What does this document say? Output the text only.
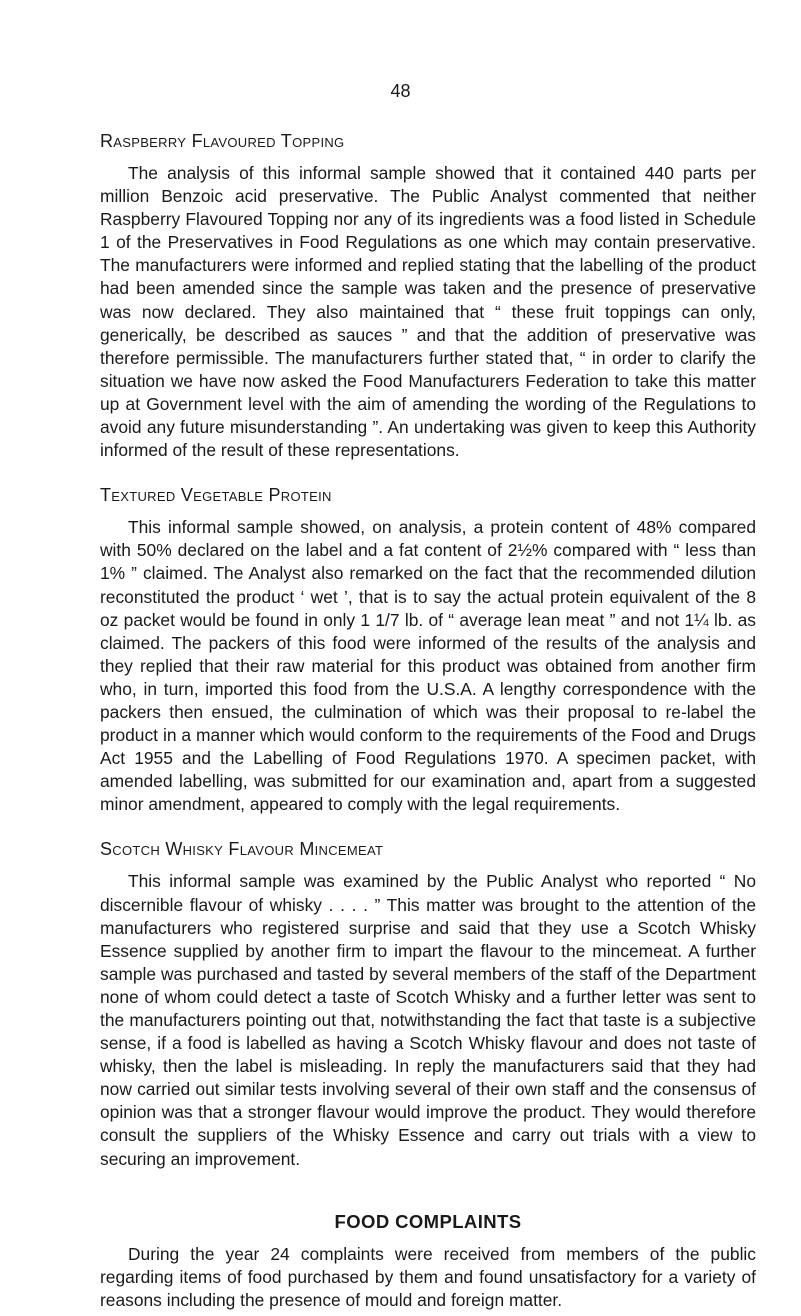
48
Raspberry Flavoured Topping

The analysis of this informal sample showed that it contained 440 parts per million Benzoic acid preservative. The Public Analyst commented that neither Raspberry Flavoured Topping nor any of its ingredients was a food listed in Schedule 1 of the Preservatives in Food Regulations as one which may contain preservative. The manufacturers were informed and replied stating that the labelling of the product had been amended since the sample was taken and the presence of preservative was now declared. They also maintained that “ these fruit toppings can only, generically, be described as sauces ” and that the addition of preservative was therefore permissible. The manufacturers further stated that, “ in order to clarify the situation we have now asked the Food Manufacturers Federation to take this matter up at Government level with the aim of amending the wording of the Regulations to avoid any future misunderstanding ”. An undertaking was given to keep this Authority informed of the result of these representations.

Textured Vegetable Protein

This informal sample showed, on analysis, a protein content of 48% compared with 50% declared on the label and a fat content of 2½% compared with “ less than 1% ” claimed. The Analyst also remarked on the fact that the recommended dilution reconstituted the product ‘ wet ’, that is to say the actual protein equivalent of the 8 oz packet would be found in only 1 1/7 lb. of “ average lean meat ” and not 1¼ lb. as claimed. The packers of this food were informed of the results of the analysis and they replied that their raw material for this product was obtained from another firm who, in turn, imported this food from the U.S.A. A lengthy correspondence with the packers then ensued, the culmination of which was their proposal to re-label the product in a manner which would conform to the requirements of the Food and Drugs Act 1955 and the Labelling of Food Regulations 1970. A specimen packet, with amended labelling, was submitted for our examination and, apart from a suggested minor amendment, appeared to comply with the legal requirements.

Scotch Whisky Flavour Mincemeat

This informal sample was examined by the Public Analyst who reported “ No discernible flavour of whisky . . . . ” This matter was brought to the attention of the manufacturers who registered surprise and said that they use a Scotch Whisky Essence supplied by another firm to impart the flavour to the mincemeat. A further sample was purchased and tasted by several members of the staff of the Department none of whom could detect a taste of Scotch Whisky and a further letter was sent to the manufacturers pointing out that, notwithstanding the fact that taste is a subjective sense, if a food is labelled as having a Scotch Whisky flavour and does not taste of whisky, then the label is misleading. In reply the manufacturers said that they had now carried out similar tests involving several of their own staff and the consensus of opinion was that a stronger flavour would improve the product. They would therefore consult the suppliers of the Whisky Essence and carry out trials with a view to securing an improvement.

FOOD COMPLAINTS

During the year 24 complaints were received from members of the public regarding items of food purchased by them and found unsatisfactory for a variety of reasons including the presence of mould and foreign matter.
